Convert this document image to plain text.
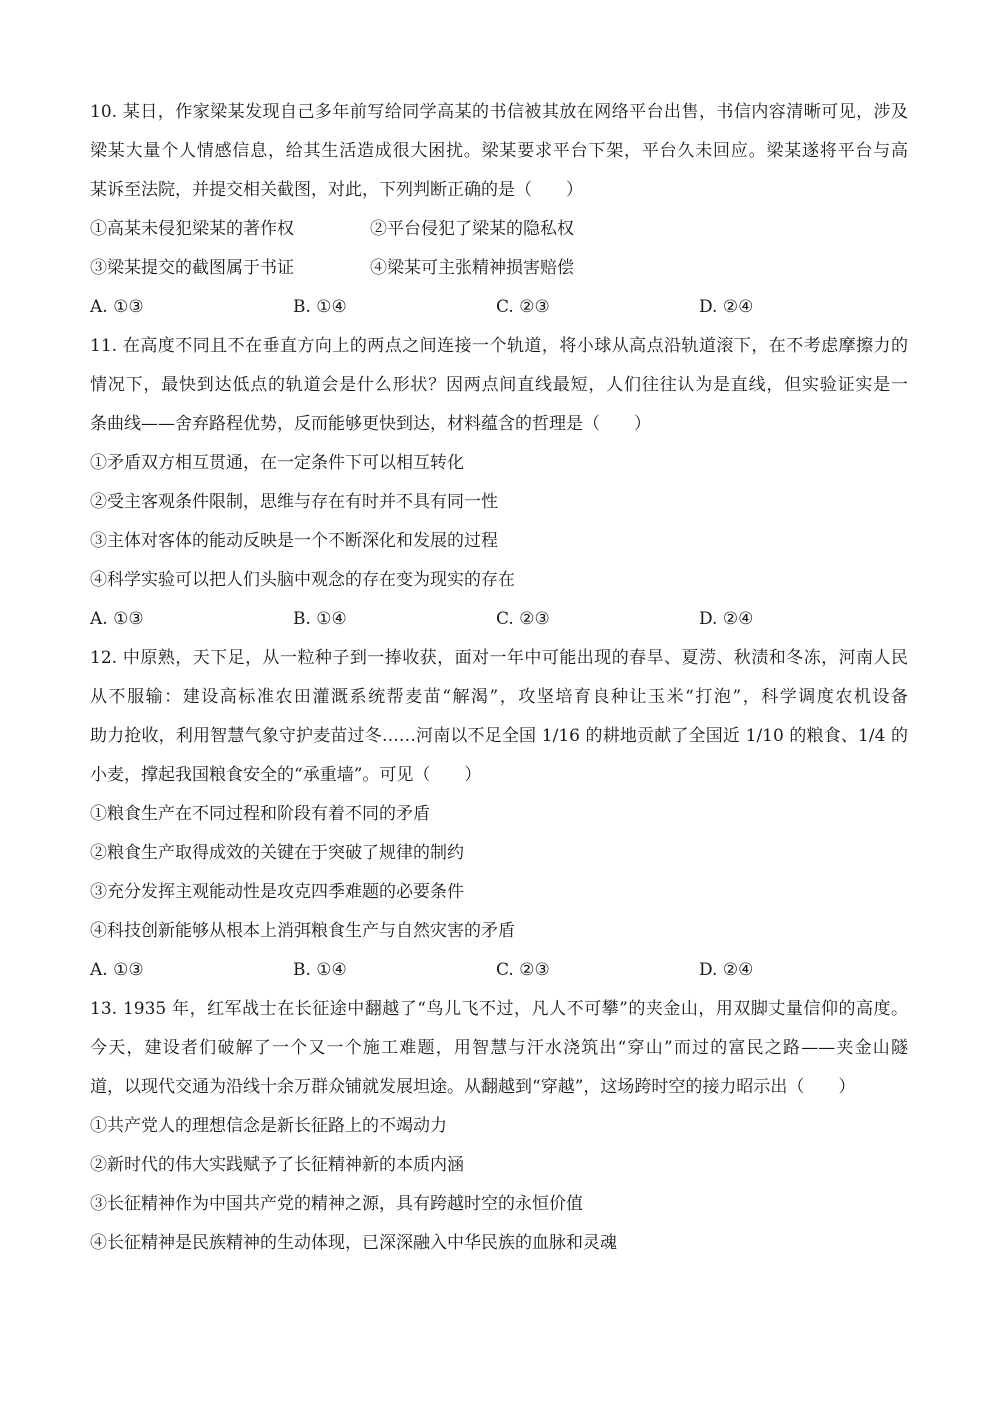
10. 某日，作家梁某发现自己多年前写给同学高某的书信被其放在网络平台出售，书信内容清晰可见，涉及
梁某大量个人情感信息，给其生活造成很大困扰。梁某要求平台下架，平台久未回应。梁某遂将平台与高
某诉至法院，并提交相关截图，对此，下列判断正确的是（　　）
①高某未侵犯梁某的著作权	②平台侵犯了梁某的隐私权
③梁某提交的截图属于书证	④梁某可主张精神损害赔偿
A. ①③	B. ①④	C. ②③	D. ②④
11. 在高度不同且不在垂直方向上的两点之间连接一个轨道，将小球从高点沿轨道滚下，在不考虑摩擦力的
情况下，最快到达低点的轨道会是什么形状？因两点间直线最短，人们往往认为是直线，但实验证实是一
条曲线——舍弃路程优势，反而能够更快到达，材料蕴含的哲理是（　　）
①矛盾双方相互贯通，在一定条件下可以相互转化
②受主客观条件限制，思维与存在有时并不具有同一性
③主体对客体的能动反映是一个不断深化和发展的过程
④科学实验可以把人们头脑中观念的存在变为现实的存在
A. ①③	B. ①④	C. ②③	D. ②④
12. 中原熟，天下足，从一粒种子到一捧收获，面对一年中可能出现的春旱、夏涝、秋渍和冬冻，河南人民
从不服输：建设高标准农田灌溉系统帮麦苗“解渴”，攻坚培育良种让玉米“打泡”，科学调度农机设备
助力抢收，利用智慧气象守护麦苗过冬……河南以不足全国 1/16 的耕地贡献了全国近 1/10 的粮食、1/4 的
小麦，撑起我国粮食安全的“承重墙”。可见（　　）
①粮食生产在不同过程和阶段有着不同的矛盾
②粮食生产取得成效的关键在于突破了规律的制约
③充分发挥主观能动性是攻克四季难题的必要条件
④科技创新能够从根本上消弭粮食生产与自然灾害的矛盾
A. ①③	B. ①④	C. ②③	D. ②④
13. 1935 年，红军战士在长征途中翻越了“鸟儿飞不过，凡人不可攀”的夹金山，用双脚丈量信仰的高度。
今天，建设者们破解了一个又一个施工难题，用智慧与汗水浇筑出“穿山”而过的富民之路——夹金山隧
道，以现代交通为沿线十余万群众铺就发展坦途。从翻越到“穿越”，这场跨时空的接力昭示出（　　）
①共产党人的理想信念是新长征路上的不竭动力
②新时代的伟大实践赋予了长征精神新的本质内涵
③长征精神作为中国共产党的精神之源，具有跨越时空的永恒价值
④长征精神是民族精神的生动体现，已深深融入中华民族的血脉和灵魂
